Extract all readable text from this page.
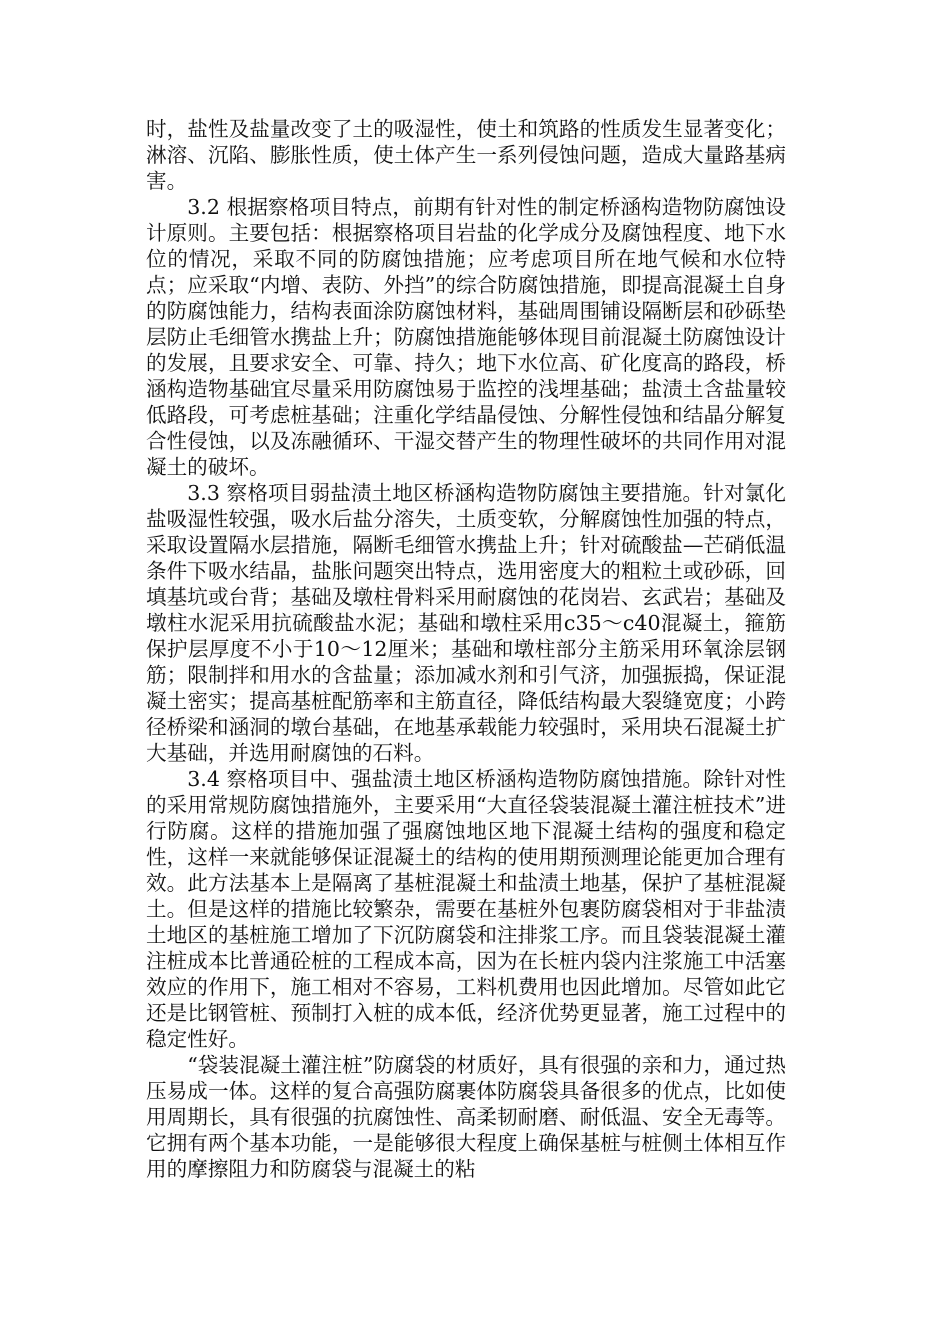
时，盐性及盐量改变了土的吸湿性，使土和筑路的性质发生显著变化；淋溶、沉陷、膨胀性质，使土体产生一系列侵蚀问题，造成大量路基病害。

3.2 根据察格项目特点，前期有针对性的制定桥涵构造物防腐蚀设计原则。主要包括：根据察格项目岩盐的化学成分及腐蚀程度、地下水位的情况，采取不同的防腐蚀措施；应考虑项目所在地气候和水位特点；应采取“内增、表防、外挡”的综合防腐蚀措施，即提高混凝土自身的防腐蚀能力，结构表面涂防腐蚀材料，基础周围铺设隔断层和砂砾垫层防止毛细管水携盐上升；防腐蚀措施能够体现目前混凝土防腐蚀设计的发展，且要求安全、可靠、持久；地下水位高、矿化度高的路段，桥涵构造物基础宜尽量采用防腐蚀易于监控的浅埋基础；盐渍土含盐量较低路段，可考虑桩基础；注重化学结晶侵蚀、分解性侵蚀和结晶分解复合性侵蚀，以及冻融循环、干湿交替产生的物理性破坏的共同作用对混凝土的破坏。

3.3 察格项目弱盐渍土地区桥涵构造物防腐蚀主要措施。针对氯化盐吸湿性较强，吸水后盐分溶失，土质变软，分解腐蚀性加强的特点，采取设置隔水层措施，隔断毛细管水携盐上升；针对硫酸盐—芒硝低温条件下吸水结晶，盐胀问题突出特点，选用密度大的粗粒土或砂砾，回填基坑或台背；基础及墩柱骨料采用耐腐蚀的花岗岩、玄武岩；基础及墩柱水泥采用抗硫酸盐水泥；基础和墩柱采用c35～c40混凝土，箍筋保护层厚度不小于10～12厘米；基础和墩柱部分主筋采用环氧涂层钢筋；限制拌和用水的含盐量；添加减水剂和引气济，加强振捣，保证混凝土密实；提高基桩配筋率和主筋直径，降低结构最大裂缝宽度；小跨径桥梁和涵洞的墩台基础，在地基承载能力较强时，采用块石混凝土扩大基础，并选用耐腐蚀的石料。

3.4 察格项目中、强盐渍土地区桥涵构造物防腐蚀措施。除针对性的采用常规防腐蚀措施外，主要采用“大直径袋装混凝土灌注桩技术”进行防腐。这样的措施加强了强腐蚀地区地下混凝土结构的强度和稳定性，这样一来就能够保证混凝土的结构的使用期预测理论能更加合理有效。此方法基本上是隔离了基桩混凝土和盐渍土地基，保护了基桩混凝土。但是这样的措施比较繁杂，需要在基桩外包裹防腐袋相对于非盐渍土地区的基桩施工增加了下沉防腐袋和注排浆工序。而且袋装混凝土灌注桩成本比普通砼桩的工程成本高，因为在长桩内袋内注浆施工中活塞效应的作用下，施工相对不容易，工料机费用也因此增加。尽管如此它还是比钢管桩、预制打入桩的成本低，经济优势更显著，施工过程中的稳定性好。

“袋装混凝土灌注桩”防腐袋的材质好，具有很强的亲和力，通过热压易成一体。这样的复合高强防腐裹体防腐袋具备很多的优点，比如使用周期长，具有很强的抗腐蚀性、高柔韧耐磨、耐低温、安全无毒等。它拥有两个基本功能，一是能够很大程度上确保基桩与桩侧土体相互作用的摩擦阻力和防腐袋与混凝土的粘
